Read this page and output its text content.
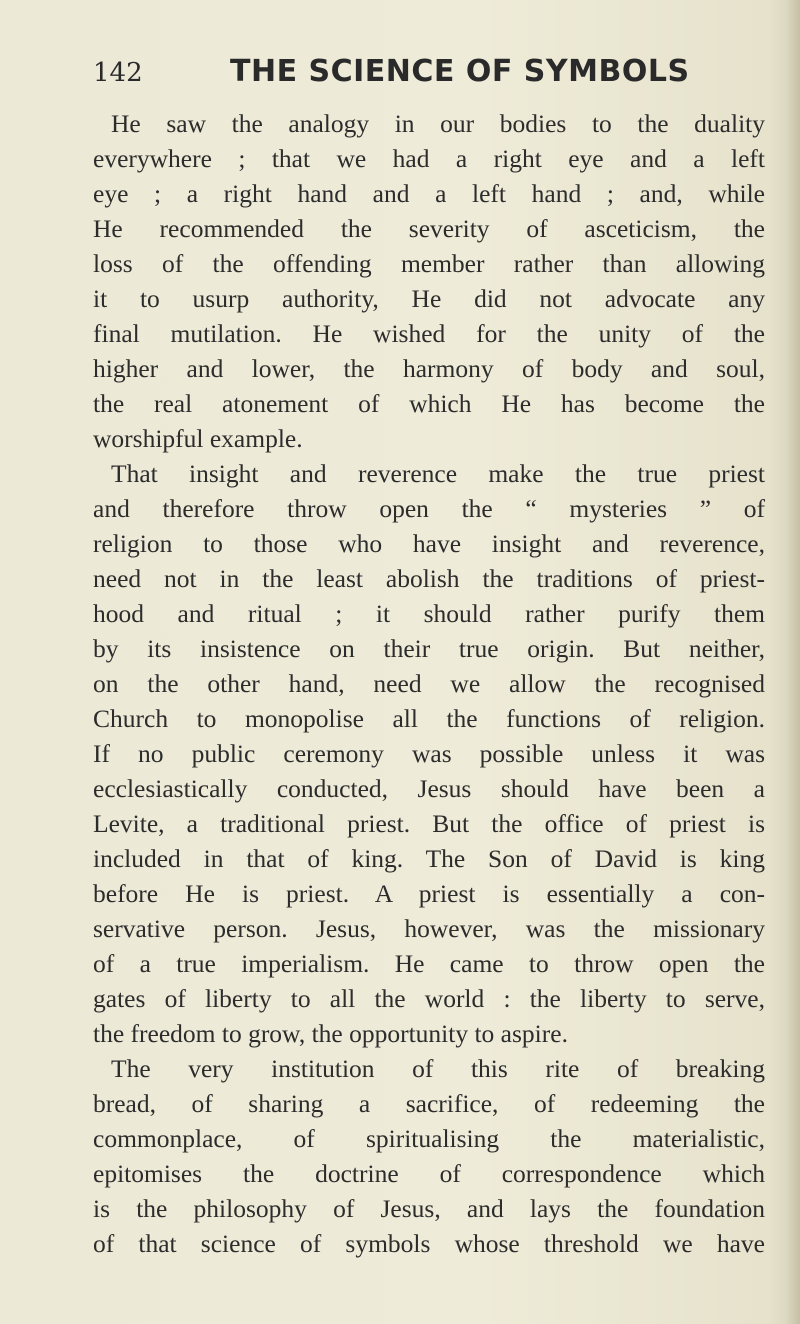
142	THE SCIENCE OF SYMBOLS
He saw the analogy in our bodies to the duality
everywhere ; that we had a right eye and a left
eye ; a right hand and a left hand ; and, while
He recommended the severity of asceticism, the
loss of the offending member rather than allowing
it to usurp authority, He did not advocate any
final mutilation. He wished for the unity of the
higher and lower, the harmony of body and soul,
the real atonement of which He has become the
worshipful example.
That insight and reverence make the true priest
and therefore throw open the “ mysteries ” of
religion to those who have insight and reverence,
need not in the least abolish the traditions of priest-
hood and ritual ; it should rather purify them
by its insistence on their true origin. But neither,
on the other hand, need we allow the recognised
Church to monopolise all the functions of religion.
If no public ceremony was possible unless it was
ecclesiastically conducted, Jesus should have been a
Levite, a traditional priest. But the office of priest is
included in that of king. The Son of David is king
before He is priest. A priest is essentially a con-
servative person. Jesus, however, was the missionary
of a true imperialism. He came to throw open the
gates of liberty to all the world : the liberty to serve,
the freedom to grow, the opportunity to aspire.
The very institution of this rite of breaking
bread, of sharing a sacrifice, of redeeming the
commonplace, of spiritualising the materialistic,
epitomises the doctrine of correspondence which
is the philosophy of Jesus, and lays the foundation
of that science of symbols whose threshold we have
